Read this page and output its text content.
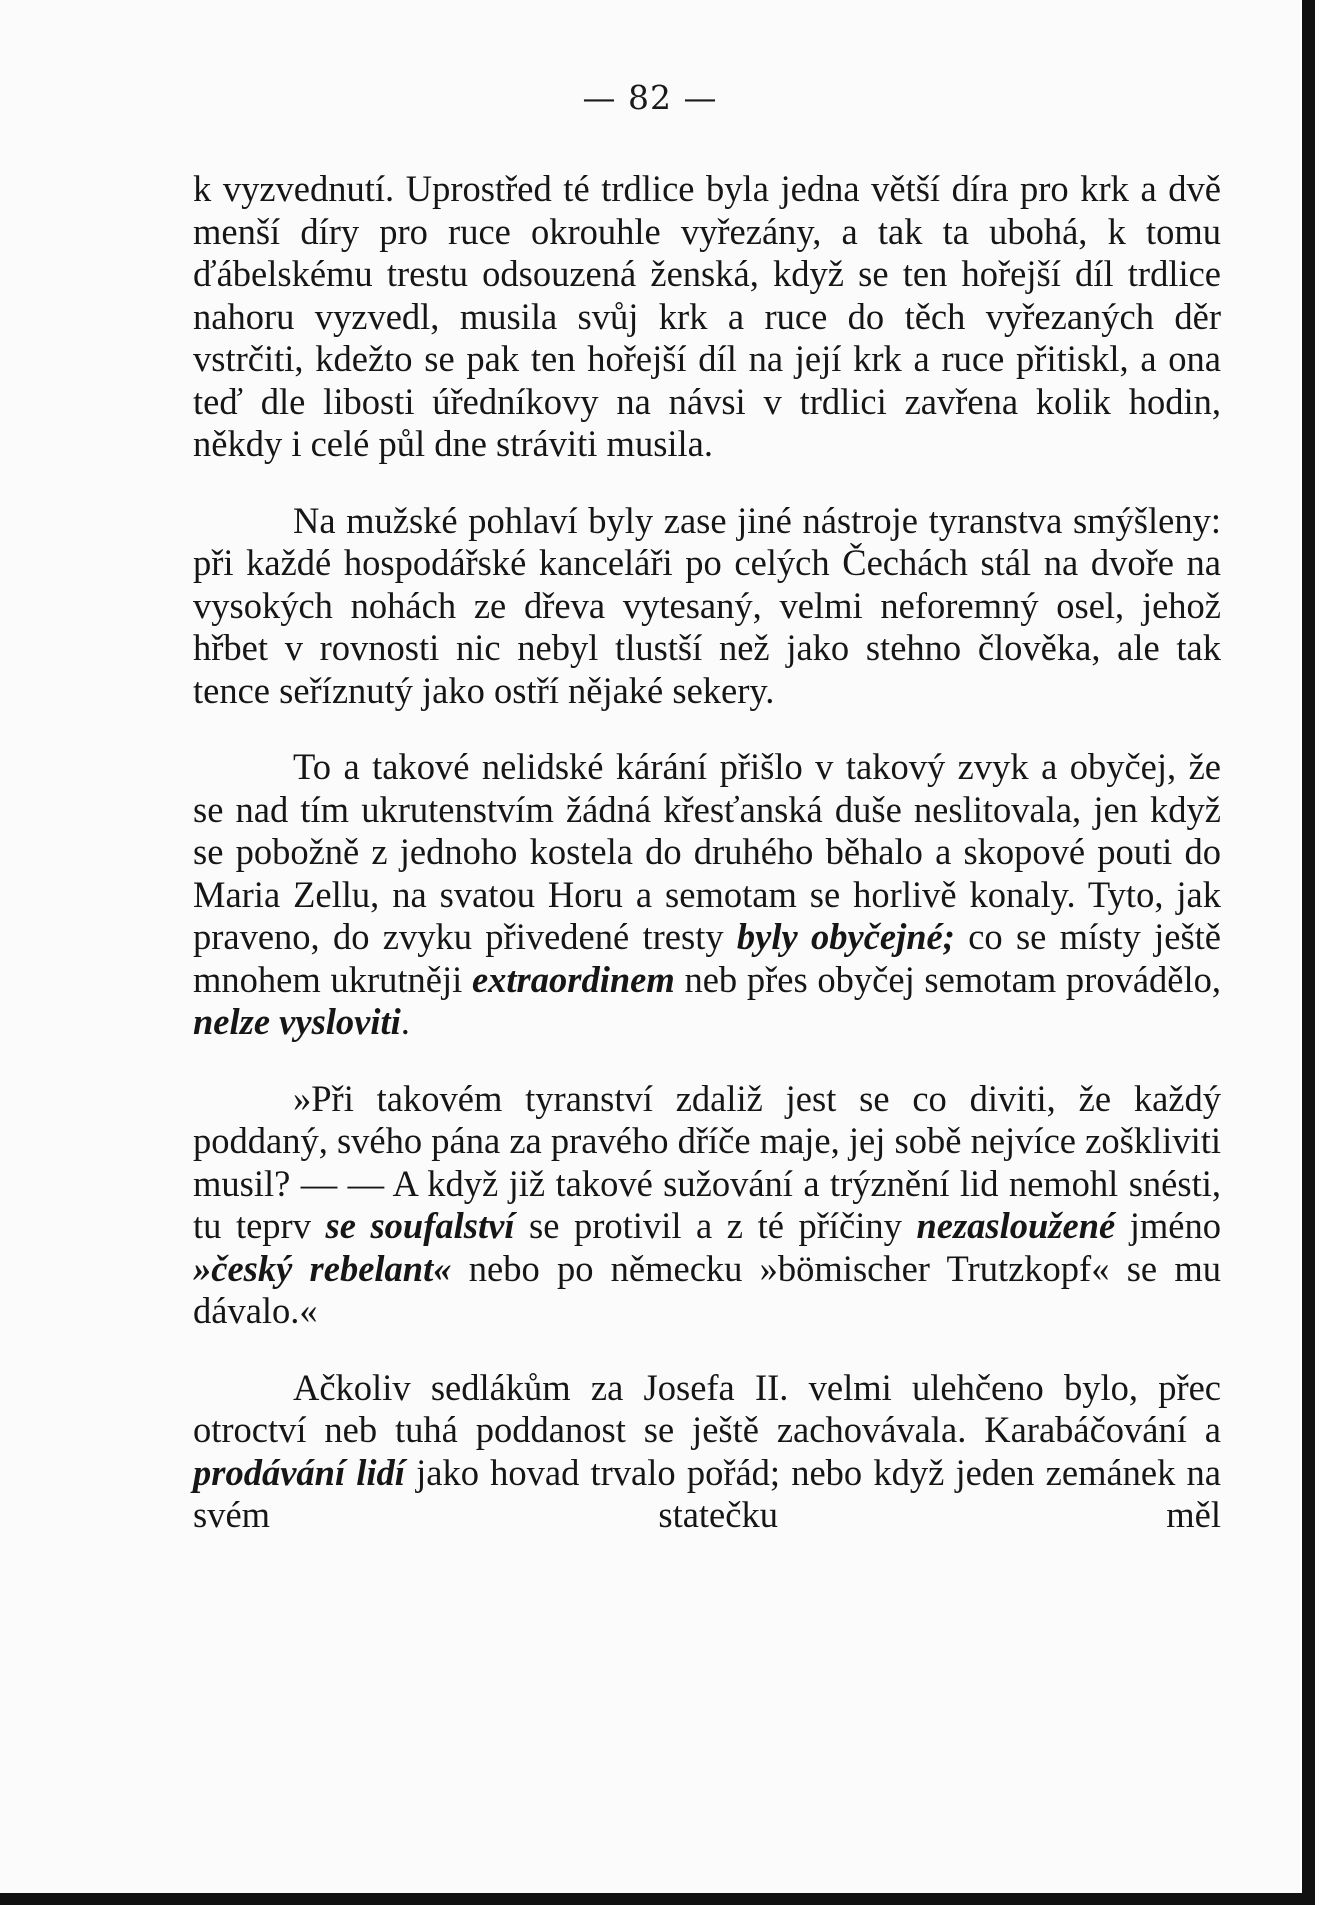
— 82 —

k vyzvednutí. Uprostřed té trdlice byla jedna větší díra pro krk a dvě menší díry pro ruce okrouhle vyřezány, a tak ta ubohá, k tomu ďábelskému trestu odsouzená ženská, když se ten hořejší díl trdlice nahoru vyzvedl, musila svůj krk a ruce do těch vyřezaných děr vstrčiti, kdežto se pak ten hořejší díl na její krk a ruce přitiskl, a ona teď dle libosti úředníkovy na návsi v trdlici zavřena kolik hodin, někdy i celé půl dne stráviti musila.

Na mužské pohlaví byly zase jiné nástroje tyranstva smýšleny: při každé hospodářské kanceláři po celých Čechách stál na dvoře na vysokých nohách ze dřeva vytesaný, velmi neforemný osel, jehož hřbet v rovnosti nic nebyl tlustší než jako stehno člověka, ale tak tence seříznutý jako ostří nějaké sekery.

To a takové nelidské kárání přišlo v takový zvyk a obyčej, že se nad tím ukrutenstvím žádná křesťanská duše neslitovala, jen když se pobožně z jednoho kostela do druhého běhalo a skopové pouti do Maria Zellu, na svatou Horu a semotam se horlivě konaly. Tyto, jak praveno, do zvyku přivedené tresty byly obyčejné; co se místy ještě mnohem ukrutněji extraordinem neb přes obyčej semotam provádělo, nelze vysloviti.

»Při takovém tyranství zdaliž jest se co diviti, že každý poddaný, svého pána za pravého dříče maje, jej sobě nejvíce zoškliviti musil? — — A když již takové sužování a trýznění lid nemohl snésti, tu teprv se soufalství se protivil a z té příčiny nezasloužené jméno »český rebelant« nebo po německu »bömischer Trutzkopf« se mu dávalo.«

Ačkoliv sedlákům za Josefa II. velmi ulehčeno bylo, přec otroctví neb tuhá poddanost se ještě zachovávala. Karabáčování a prodávání lidí jako hovad trvalo pořád; nebo když jeden zemánek na svém statečku měl
